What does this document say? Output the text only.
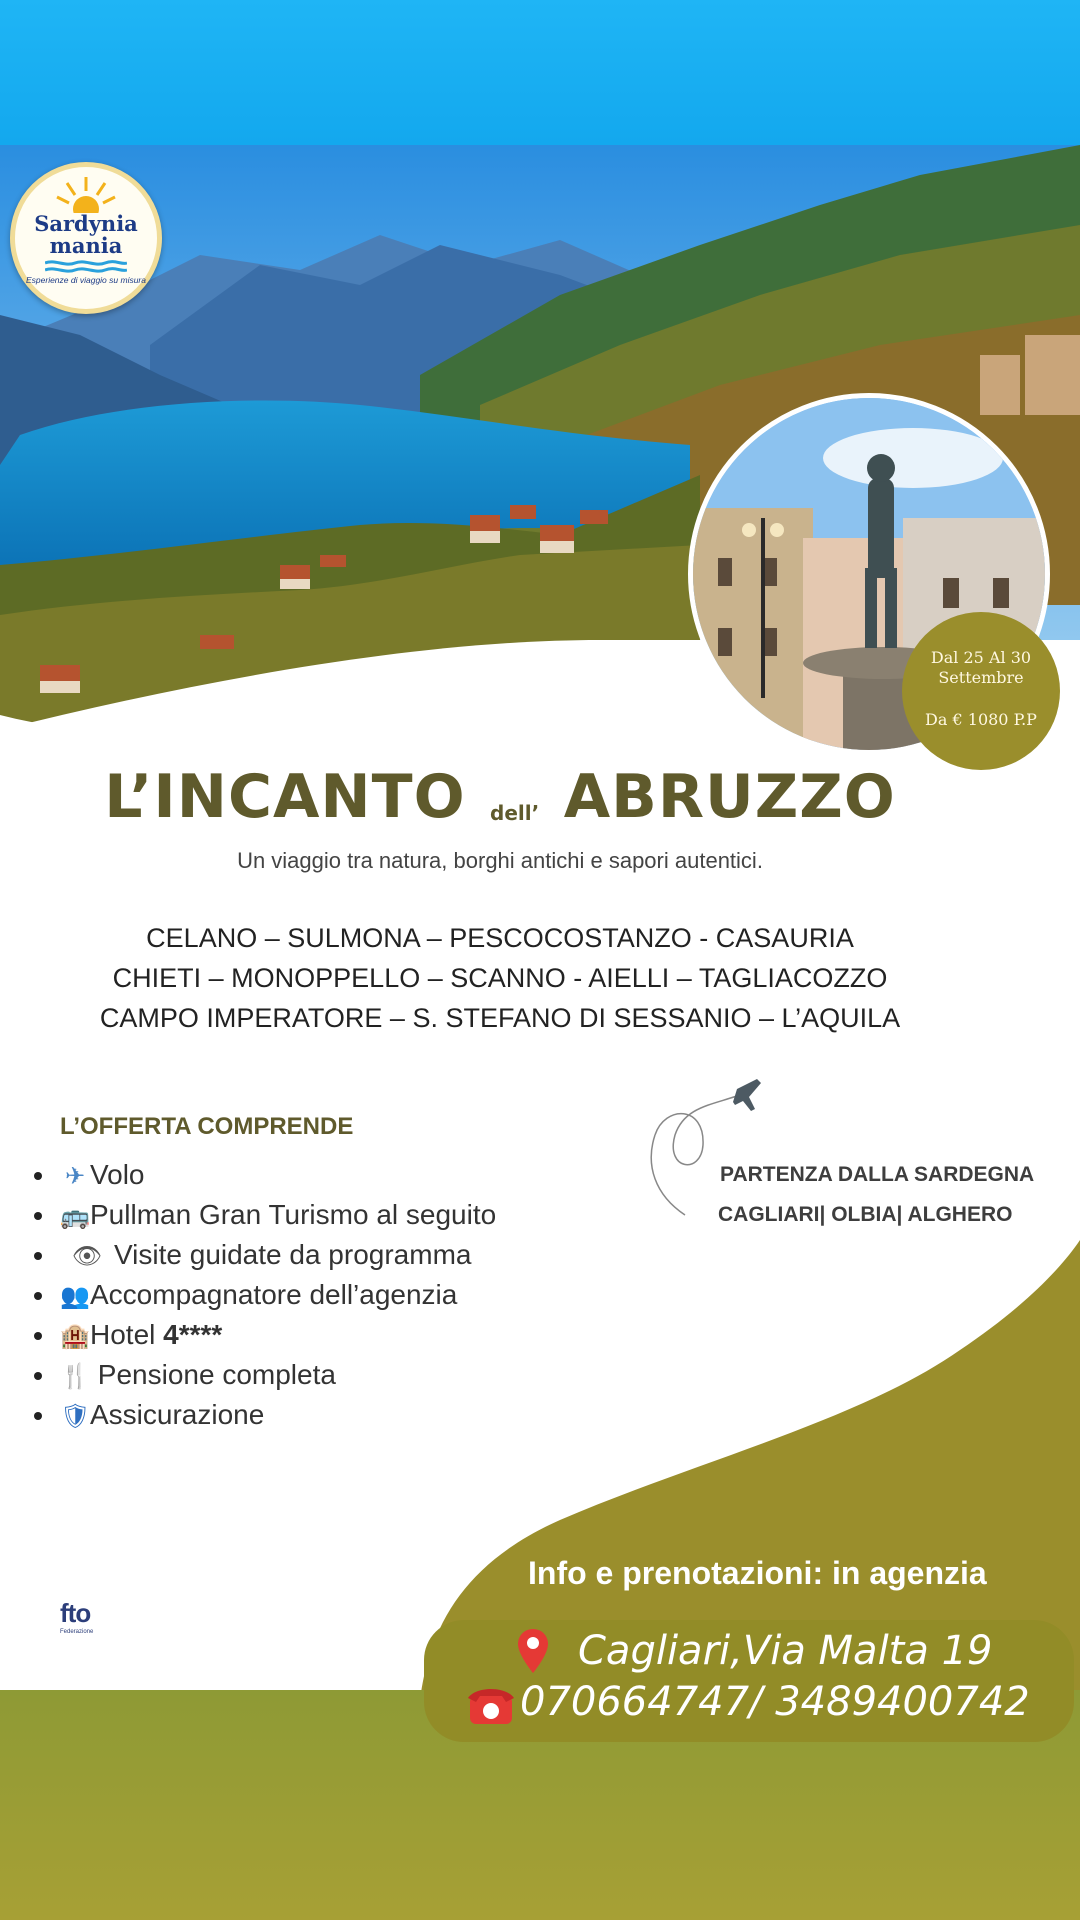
Sardynia
mania
Esperienze di viaggio su misura
Dal 25 Al 30 Settembre
Da € 1080 P.P
L’INCANTO dell’ ABRUZZO
Un viaggio tra natura, borghi antichi e sapori autentici.
CELANO – SULMONA – PESCOCOSTANZO - CASAURIA
CHIETI – MONOPPELLO – SCANNO - AIELLI – TAGLIACOZZO
CAMPO IMPERATORE – S. STEFANO DI SESSANIO – L’AQUILA
L’OFFERTA COMPRENDE
✈ Volo
🚌Pullman Gran Turismo al seguito
👁 Visite guidate da programma
👥Accompagnatore dell’agenzia
🏨Hotel 4****
🍴 Pensione completa
🛡Assicurazione
PARTENZA DALLA SARDEGNA
CAGLIARI| OLBIA| ALGHERO
Info e prenotazioni: in agenzia
Cagliari,Via Malta 19
070664747/ 3489400742
fto
Federazione
